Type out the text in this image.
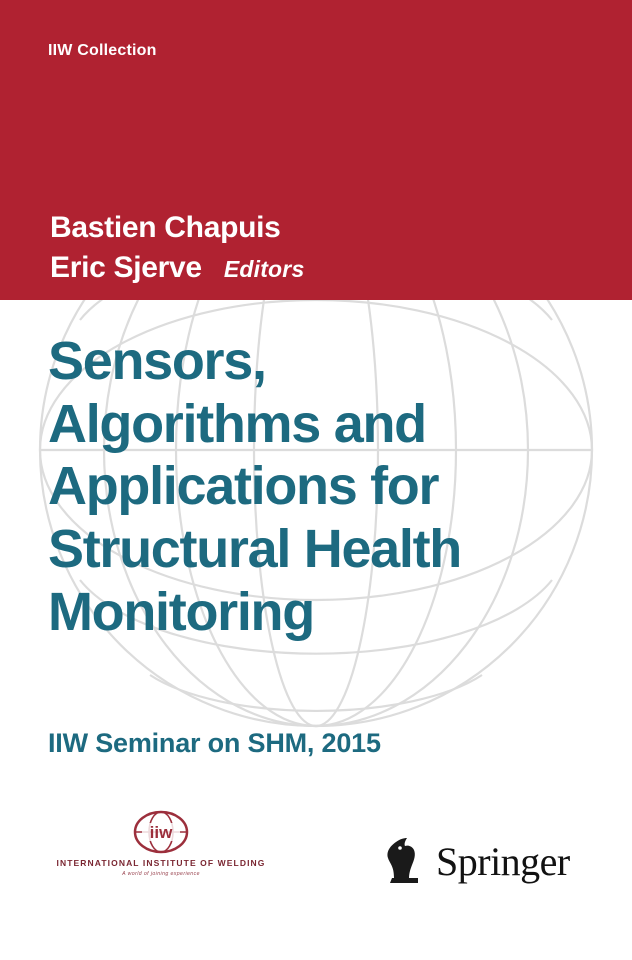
IIW Collection
Bastien Chapuis
Eric Sjerve Editors
Sensors,
Algorithms and
Applications for
Structural Health
Monitoring
IIW Seminar on SHM, 2015
iiw
INTERNATIONAL INSTITUTE OF WELDING
A world of joining experience	Springer
